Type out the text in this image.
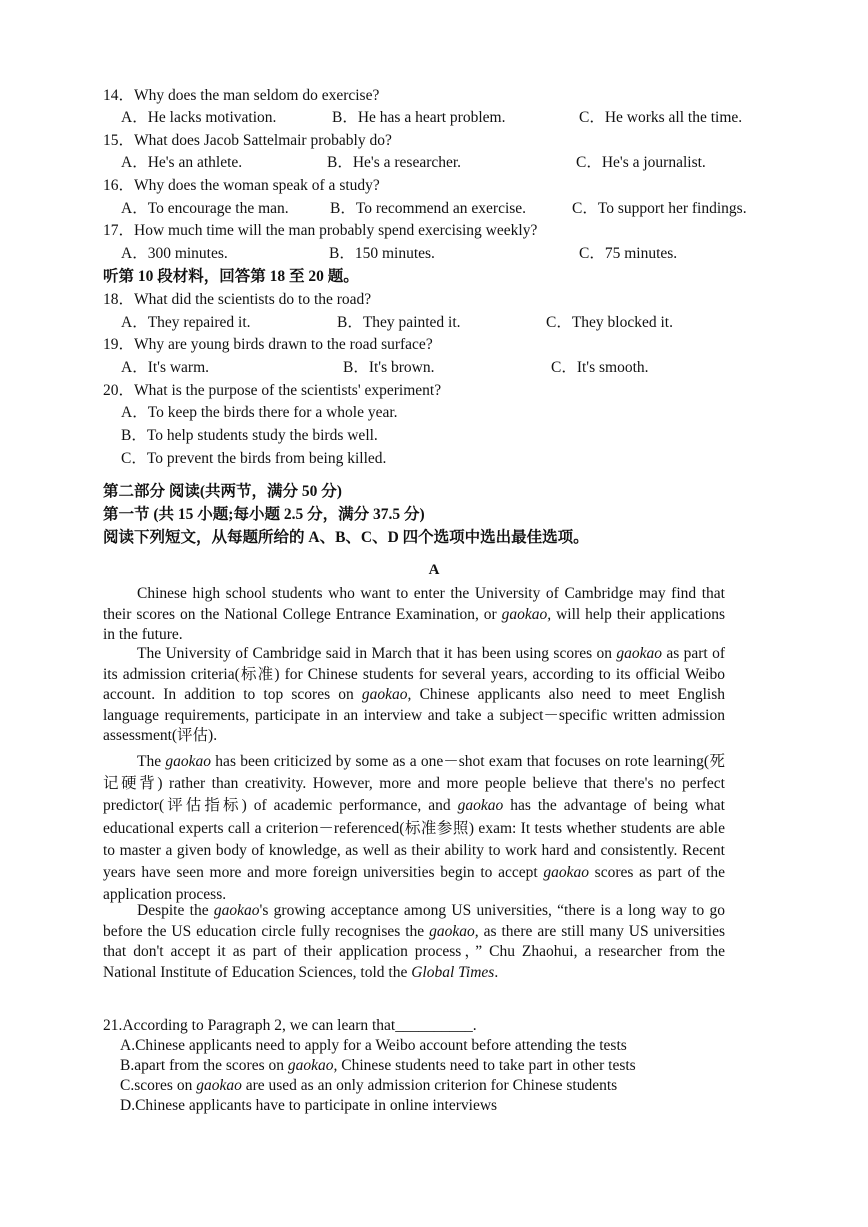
14．Why does the man seldom do exercise?
A．He lacks motivation.	B．He has a heart problem.	C．He works all the time.
15．What does Jacob Sattelmair probably do?
A．He's an athlete.	B．He's a researcher.	C．He's a journalist.
16．Why does the woman speak of a study?
A．To encourage the man.	B．To recommend an exercise.	C．To support her findings.
17．How much time will the man probably spend exercising weekly?
A．300 minutes.	B．150 minutes.	C．75 minutes.
听第 10 段材料，回答第 18 至 20 题。
18．What did the scientists do to the road?
A．They repaired it.	B．They painted it.	C．They blocked it.
19．Why are young birds drawn to the road surface?
A．It's warm.	B．It's brown.	C．It's smooth.
20．What is the purpose of the scientists' experiment?
A．To keep the birds there for a whole year.
B．To help students study the birds well.
C．To prevent the birds from being killed.
第二部分 阅读(共两节，满分 50 分)
第一节 (共 15 小题;每小题 2.5 分，满分 37.5 分)
阅读下列短文，从每题所给的 A、B、C、D 四个选项中选出最佳选项。
A
Chinese high school students who want to enter the University of Cambridge may find that their scores on the National College Entrance Examination, or gaokao, will help their applications in the future.
The University of Cambridge said in March that it has been using scores on gaokao as part of its admission criteria(标准) for Chinese students for several years, according to its official Weibo account. In addition to top scores on gaokao, Chinese applicants also need to meet English language requirements, participate in an interview and take a subject－specific written admission assessment(评估).
The gaokao has been criticized by some as a one－shot exam that focuses on rote learning(死记硬背) rather than creativity. However, more and more people believe that there's no perfect predictor(评估指标) of academic performance, and gaokao has the advantage of being what educational experts call a criterion－referenced(标准参照) exam: It tests whether students are able to master a given body of knowledge, as well as their ability to work hard and consistently. Recent years have seen more and more foreign universities begin to accept gaokao scores as part of the application process.
Despite the gaokao's growing acceptance among US universities, “there is a long way to go before the US education circle fully recognises the gaokao, as there are still many US universities that don't accept it as part of their application process，” Chu Zhaohui, a researcher from the National Institute of Education Sciences, told the Global Times.
21.According to Paragraph 2, we can learn that__________.
A.Chinese applicants need to apply for a Weibo account before attending the tests
B.apart from the scores on gaokao, Chinese students need to take part in other tests
C.scores on gaokao are used as an only admission criterion for Chinese students
D.Chinese applicants have to participate in online interviews
